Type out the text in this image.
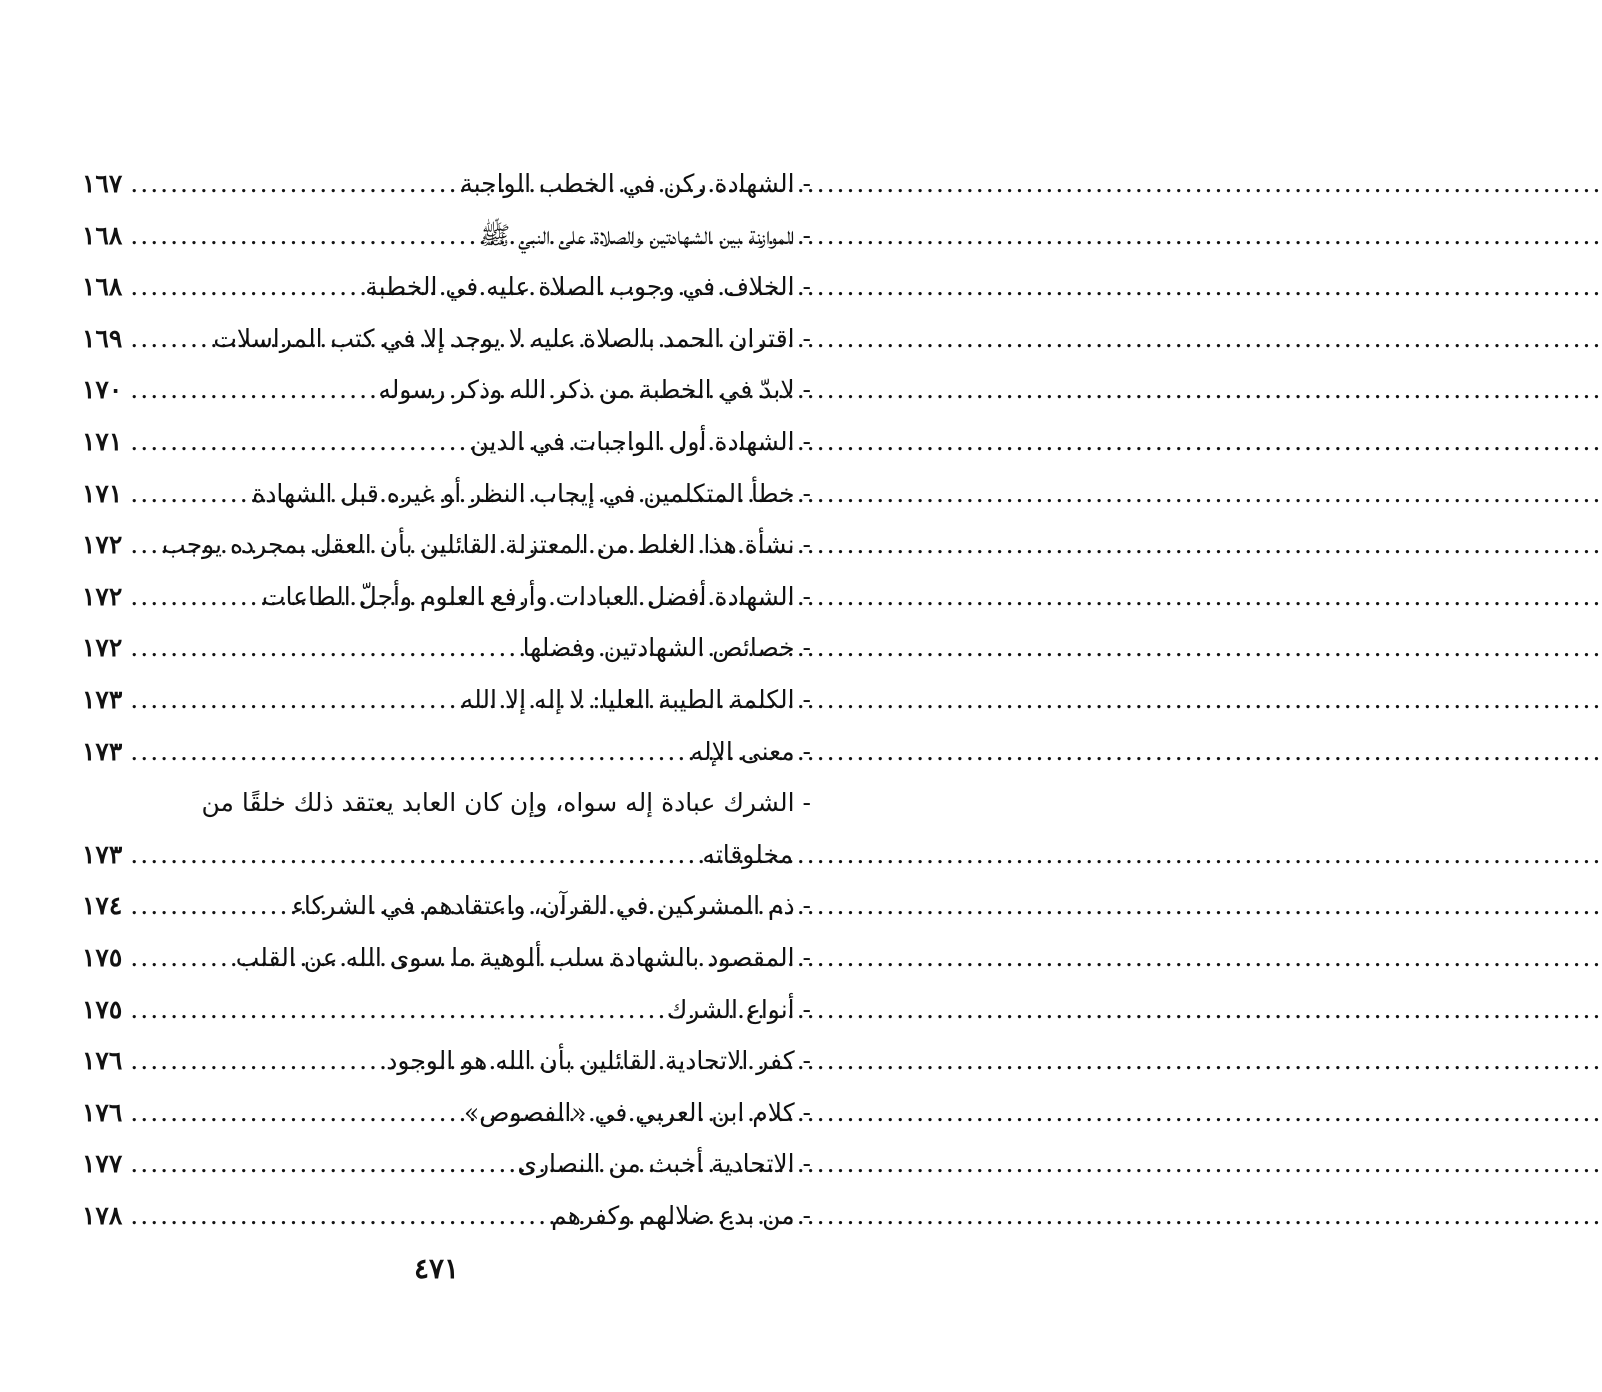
- الشهادة ركن في الخطب الواجبة
.....
١٦٧
- الموازنة بين الشهادتين والصلاة على النبي ﷺ
.....
١٦٨
- الخلاف في وجوب الصلاة عليه في الخطبة
.....
١٦٨
- اقتران الحمد بالصلاة عليه لا يوجد إلا في كتب المراسلات
.....
١٦٩
- لابدّ في الخطبة من ذكر الله وذكر رسوله
.....
١٧٠
- الشهادة أول الواجبات في الدين
.....
١٧١
- خطأ المتكلمين في إيجاب النظر أو غيره قبل الشهادة
.....
١٧١
- نشأة هذا الغلط من المعتزلة القائلين بأن العقل بمجرده يوجب
.....
١٧٢
- الشهادة أفضل العبادات وأرفع العلوم وأجلّ الطاعات
.....
١٧٢
- خصائص الشهادتين وفضلها
.....
١٧٢
- الكلمة الطيبة العليا: لا إله إلا الله
.....
١٧٣
- معنى الإله
.....
١٧٣
- الشرك عبادة إله سواه، وإن كان العابد يعتقد ذلك خلقًا من
مخلوقاته
.....
١٧٣
- ذم المشركين في القرآن، واعتقادهم في الشركاء
.....
١٧٤
- المقصود بالشهادة سلب ألوهية ما سوى الله عن القلب
.....
١٧٥
- أنواع الشرك
.....
١٧٥
- كفر الاتحادية القائلين بأن الله هو الوجود
.....
١٧٦
- كلام ابن العربي في «الفصوص»
.....
١٧٦
- الاتحادية أخبث من النصارى
.....
١٧٧
- من بدع ضلالهم وكفرهم
.....
١٧٨
٤٧١
